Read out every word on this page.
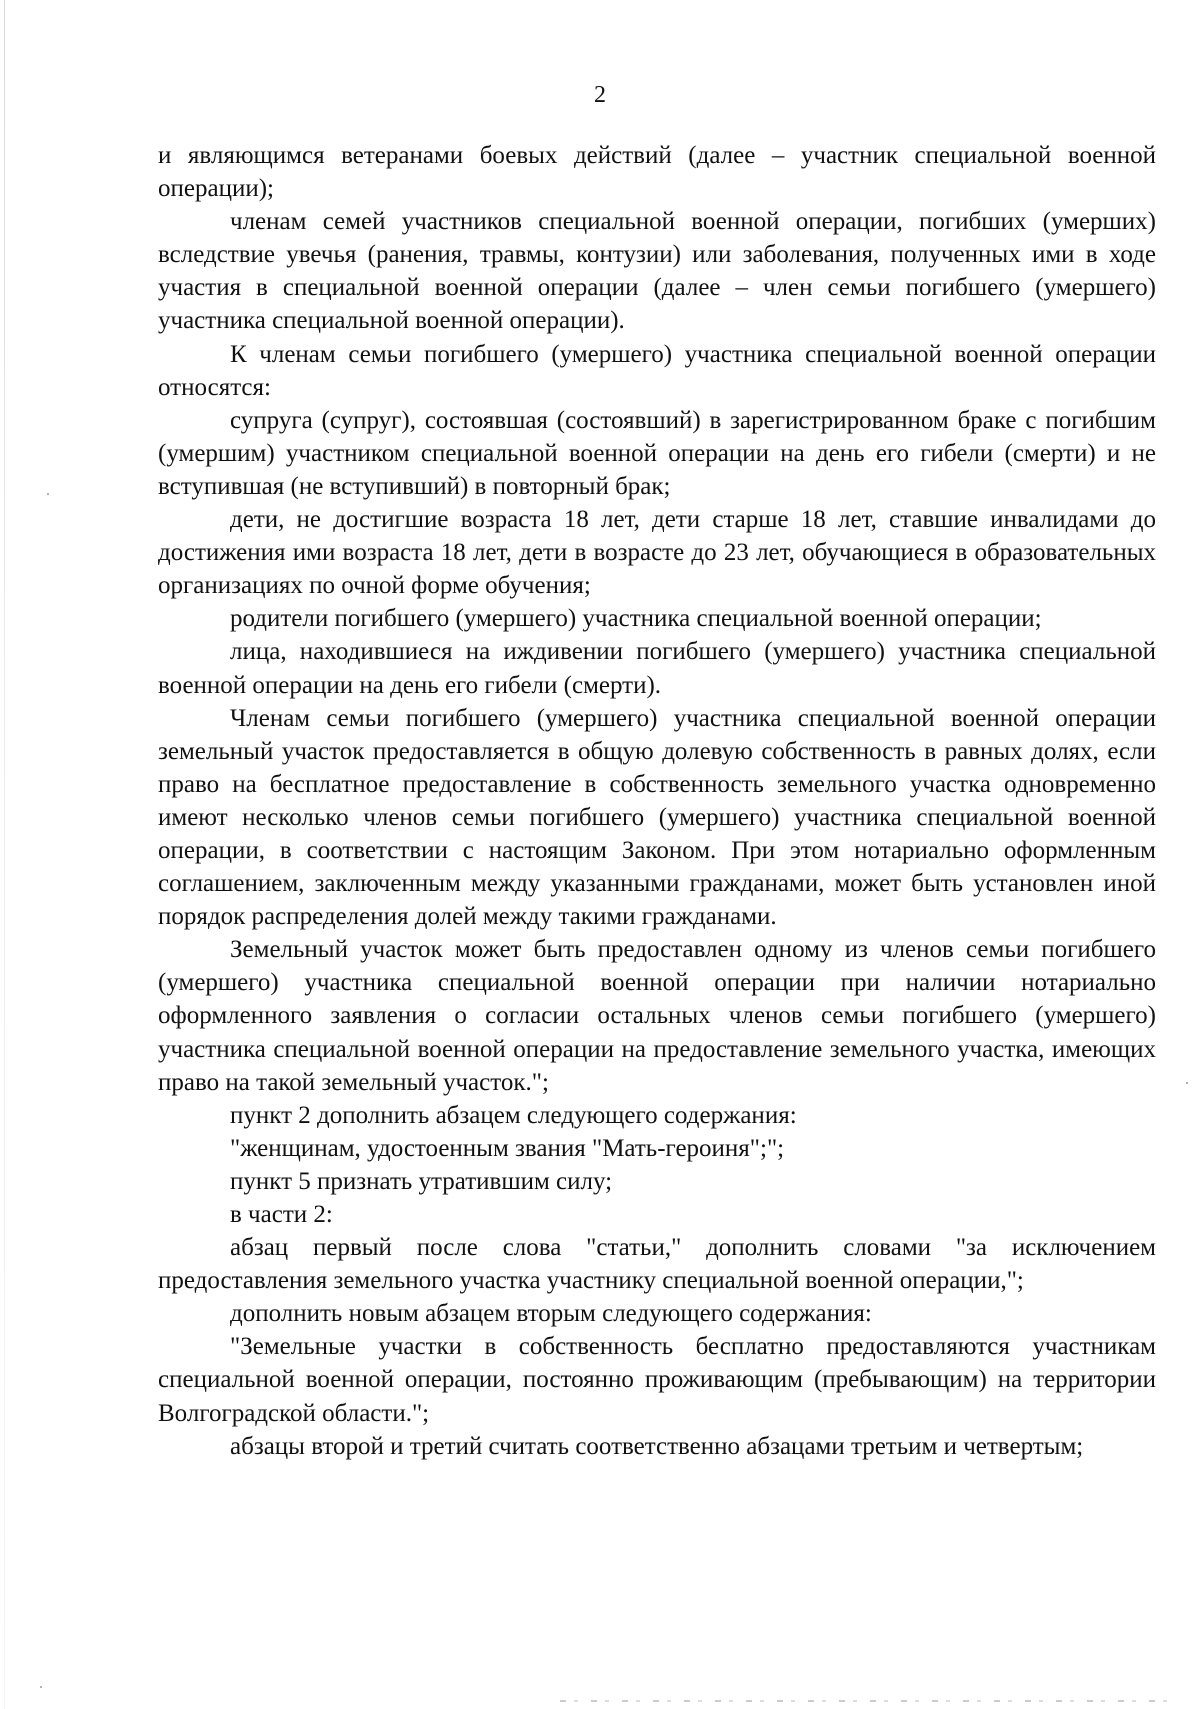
2

и являющимся ветеранами боевых действий (далее – участник специальной военной операции);

членам семей участников специальной военной операции, погибших (умерших) вследствие увечья (ранения, травмы, контузии) или заболевания, полученных ими в ходе участия в специальной военной операции (далее – член семьи погибшего (умершего) участника специальной военной операции).

К членам семьи погибшего (умершего) участника специальной военной операции относятся:

супруга (супруг), состоявшая (состоявший) в зарегистрированном браке с погибшим (умершим) участником специальной военной операции на день его гибели (смерти) и не вступившая (не вступивший) в повторный брак;

дети, не достигшие возраста 18 лет, дети старше 18 лет, ставшие инвалидами до достижения ими возраста 18 лет, дети в возрасте до 23 лет, обучающиеся в образовательных организациях по очной форме обучения;

родители погибшего (умершего) участника специальной военной операции;

лица, находившиеся на иждивении погибшего (умершего) участника специальной военной операции на день его гибели (смерти).

Членам семьи погибшего (умершего) участника специальной военной операции земельный участок предоставляется в общую долевую собственность в равных долях, если право на бесплатное предоставление в собственность земельного участка одновременно имеют несколько членов семьи погибшего (умершего) участника специальной военной операции, в соответствии с настоящим Законом. При этом нотариально оформленным соглашением, заключенным между указанными гражданами, может быть установлен иной порядок распределения долей между такими гражданами.

Земельный участок может быть предоставлен одному из членов семьи погибшего (умершего) участника специальной военной операции при наличии нотариально оформленного заявления о согласии остальных членов семьи погибшего (умершего) участника специальной военной операции на предоставление земельного участка, имеющих право на такой земельный участок.";

пункт 2 дополнить абзацем следующего содержания:

"женщинам, удостоенным звания "Мать-героиня";";

пункт 5 признать утратившим силу;

в части 2:

абзац первый после слова "статьи," дополнить словами "за исключением предоставления земельного участка участнику специальной военной операции,";

дополнить новым абзацем вторым следующего содержания:

"Земельные участки в собственность бесплатно предоставляются участникам специальной военной операции, постоянно проживающим (пребывающим) на территории Волгоградской области.";

абзацы второй и третий считать соответственно абзацами третьим и четвертым;
